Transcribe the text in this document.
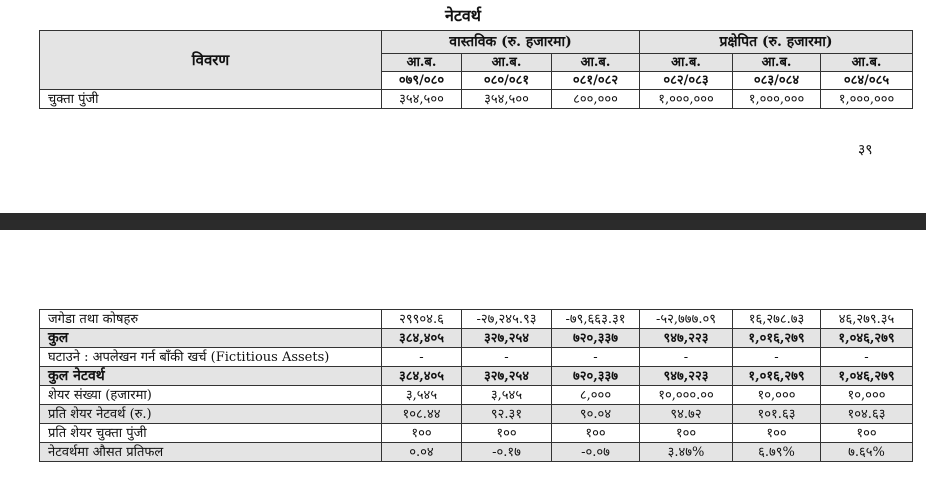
नेटवर्थ
विवरण	वास्तविक (रु. हजारमा)			प्रक्षेपित (रु. हजारमा)		
	आ.ब.	आ.ब.	आ.ब.	आ.ब.	आ.ब.	आ.ब.
	०७९/०८०	०८०/०८१	०८१/०८२	०८२/०८३	०८३/०८४	०८४/०८५
चुक्ता पुंजी	३५४,५००	३५४,५००	८००,०००	१,०००,०००	१,०००,०००	१,०००,०००
३९
जगेडा तथा कोषहरु	२९९०४.६	-२७,२४५.९३	-७९,६६३.३१	-५२,७७७.०९	१६,२७८.७३	४६,२७९.३५
कुल	३८४,४०५	३२७,२५४	७२०,३३७	९४७,२२३	१,०१६,२७९	१,०४६,२७९
घटाउने : अपलेखन गर्न बाँकी खर्च (Fictitious Assets)	-	-	-	-	-	-
कुल नेटवर्थ	३८४,४०५	३२७,२५४	७२०,३३७	९४७,२२३	१,०१६,२७९	१,०४६,२७९
शेयर संख्या (हजारमा)	३,५४५	३,५४५	८,०००	१०,०००.००	१०,०००	१०,०००
प्रति शेयर नेटवर्थ (रु.)	१०८.४४	९२.३१	९०.०४	९४.७२	१०१.६३	१०४.६३
प्रति शेयर चुक्ता पुंजी	१००	१००	१००	१००	१००	१००
नेटवर्थमा औसत प्रतिफल	०.०४	-०.१७	-०.०७	३.४७%	६.७९%	७.६५%
